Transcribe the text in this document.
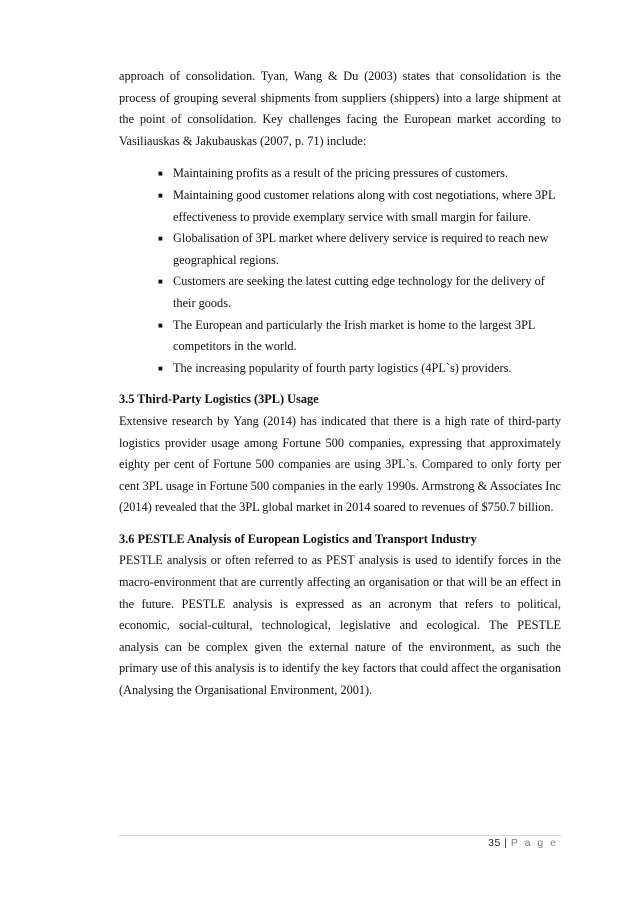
approach of consolidation. Tyan, Wang & Du (2003) states that consolidation is the process of grouping several shipments from suppliers (shippers) into a large shipment at the point of consolidation. Key challenges facing the European market according to Vasiliauskas & Jakubauskas (2007, p. 71) include:

■ Maintaining profits as a result of the pricing pressures of customers.
■ Maintaining good customer relations along with cost negotiations, where 3PL effectiveness to provide exemplary service with small margin for failure.
■ Globalisation of 3PL market where delivery service is required to reach new geographical regions.
■ Customers are seeking the latest cutting edge technology for the delivery of their goods.
■ The European and particularly the Irish market is home to the largest 3PL competitors in the world.
■ The increasing popularity of fourth party logistics (4PL`s) providers.
3.5 Third-Party Logistics (3PL) Usage

Extensive research by Yang (2014) has indicated that there is a high rate of third-party logistics provider usage among Fortune 500 companies, expressing that approximately eighty per cent of Fortune 500 companies are using 3PL`s. Compared to only forty per cent 3PL usage in Fortune 500 companies in the early 1990s. Armstrong & Associates Inc (2014) revealed that the 3PL global market in 2014 soared to revenues of $750.7 billion.

3.6 PESTLE Analysis of European Logistics and Transport Industry

PESTLE analysis or often referred to as PEST analysis is used to identify forces in the macro-environment that are currently affecting an organisation or that will be an effect in the future. PESTLE analysis is expressed as an acronym that refers to political, economic, social-cultural, technological, legislative and ecological. The PESTLE analysis can be complex given the external nature of the environment, as such the primary use of this analysis is to identify the key factors that could affect the organisation (Analysing the Organisational Environment, 2001).

35 | P a g e
